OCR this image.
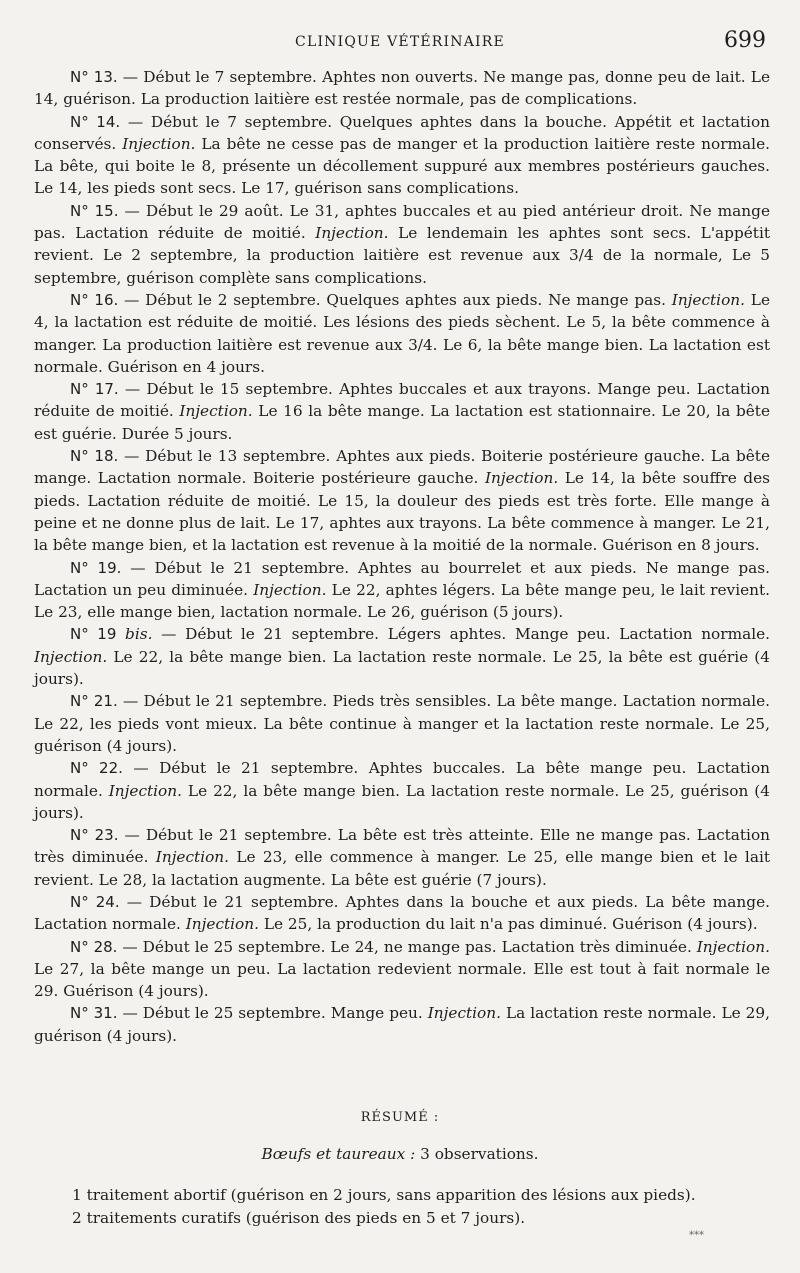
CLINIQUE VÉTÉRINAIRE	699

N° 13. — Début le 7 septembre. Aphtes non ouverts. Ne mange pas, donne peu de lait. Le 14, guérison. La production laitière est restée normale, pas de complications.

N° 14. — Début le 7 septembre. Quelques aphtes dans la bouche. Appétit et lactation conservés. Injection. La bête ne cesse pas de manger et la production laitière reste normale. La bête, qui boite le 8, présente un décollement suppuré aux membres postérieurs gauches. Le 14, les pieds sont secs. Le 17, guérison sans complications.

N° 15. — Début le 29 août. Le 31, aphtes buccales et au pied antérieur droit. Ne mange pas. Lactation réduite de moitié. Injection. Le lendemain les aphtes sont secs. L'appétit revient. Le 2 septembre, la production laitière est revenue aux 3/4 de la normale, Le 5 septembre, guérison complète sans complications.

N° 16. — Début le 2 septembre. Quelques aphtes aux pieds. Ne mange pas. Injection. Le 4, la lactation est réduite de moitié. Les lésions des pieds sèchent. Le 5, la bête commence à manger. La production laitière est revenue aux 3/4. Le 6, la bête mange bien. La lactation est normale. Guérison en 4 jours.

N° 17. — Début le 15 septembre. Aphtes buccales et aux trayons. Mange peu. Lactation réduite de moitié. Injection. Le 16 la bête mange. La lactation est stationnaire. Le 20, la bête est guérie. Durée 5 jours.

N° 18. — Début le 13 septembre. Aphtes aux pieds. Boiterie postérieure gauche. La bête mange. Lactation normale. Boiterie postérieure gauche. Injection. Le 14, la bête souffre des pieds. Lactation réduite de moitié. Le 15, la douleur des pieds est très forte. Elle mange à peine et ne donne plus de lait. Le 17, aphtes aux trayons. La bête commence à manger. Le 21, la bête mange bien, et la lactation est revenue à la moitié de la normale. Guérison en 8 jours.

N° 19. — Début le 21 septembre. Aphtes au bourrelet et aux pieds. Ne mange pas. Lactation un peu diminuée. Injection. Le 22, aphtes légers. La bête mange peu, le lait revient. Le 23, elle mange bien, lactation normale. Le 26, guérison (5 jours).

N° 19 bis. — Début le 21 septembre. Légers aphtes. Mange peu. Lactation normale. Injection. Le 22, la bête mange bien. La lactation reste normale. Le 25, la bête est guérie (4 jours).

N° 21. — Début le 21 septembre. Pieds très sensibles. La bête mange. Lactation normale. Le 22, les pieds vont mieux. La bête continue à manger et la lactation reste normale. Le 25, guérison (4 jours).

N° 22. — Début le 21 septembre. Aphtes buccales. La bête mange peu. Lactation normale. Injection. Le 22, la bête mange bien. La lactation reste normale. Le 25, guérison (4 jours).

N° 23. — Début le 21 septembre. La bête est très atteinte. Elle ne mange pas. Lactation très diminuée. Injection. Le 23, elle commence à manger. Le 25, elle mange bien et le lait revient. Le 28, la lactation augmente. La bête est guérie (7 jours).

N° 24. — Début le 21 septembre. Aphtes dans la bouche et aux pieds. La bête mange. Lactation normale. Injection. Le 25, la production du lait n'a pas diminué. Guérison (4 jours).

N° 28. — Début le 25 septembre. Le 24, ne mange pas. Lactation très diminuée. Injection. Le 27, la bête mange un peu. La lactation redevient normale. Elle est tout à fait normale le 29. Guérison (4 jours).

N° 31. — Début le 25 septembre. Mange peu. Injection. La lactation reste normale. Le 29, guérison (4 jours).

RÉSUMÉ :
Bœufs et taureaux : 3 observations.

1 traitement abortif (guérison en 2 jours, sans apparition des lésions aux pieds).

2 traitements curatifs (guérison des pieds en 5 et 7 jours).

***
